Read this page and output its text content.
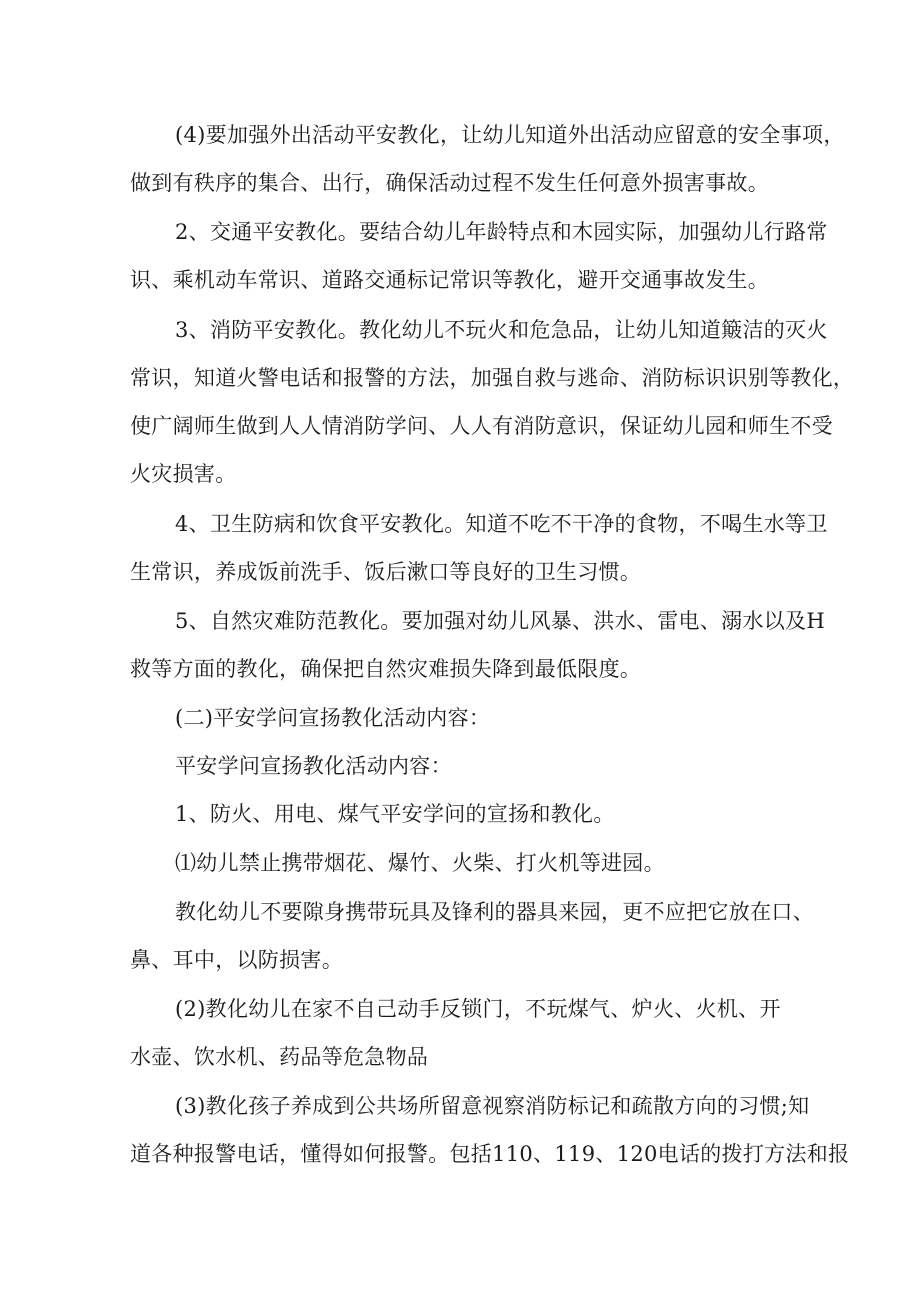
(4)要加强外出活动平安教化，让幼儿知道外出活动应留意的安全事项，
做到有秩序的集合、出行，确保活动过程不发生任何意外损害事故。
2、交通平安教化。要结合幼儿年龄特点和木园实际，加强幼儿行路常
识、乘机动车常识、道路交通标记常识等教化，避开交通事故发生。
3、消防平安教化。教化幼儿不玩火和危急品，让幼儿知道簸洁的灭火
常识，知道火警电话和报警的方法，加强自救与逃命、消防标识识别等教化，
使广阔师生做到人人情消防学问、人人有消防意识，保证幼儿园和师生不受
火灾损害。
4、卫生防病和饮食平安教化。知道不吃不干净的食物，不喝生水等卫
生常识，养成饭前洗手、饭后漱口等良好的卫生习惯。
5、自然灾难防范教化。要加强对幼儿风暴、洪水、雷电、溺水以及H
救等方面的教化，确保把自然灾难损失降到最低限度。
(二)平安学问宣扬教化活动内容：
平安学问宣扬教化活动内容：
1、防火、用电、煤气平安学问的宣扬和教化。
⑴幼儿禁止携带烟花、爆竹、火柴、打火机等进园。
教化幼儿不要隙身携带玩具及锋利的器具来园，更不应把它放在口、
鼻、耳中，以防损害。
(2)教化幼儿在家不自己动手反锁门，不玩煤气、炉火、火机、开
水壶、饮水机、药品等危急物品
(3)教化孩子养成到公共场所留意视察消防标记和疏散方向的习惯;知
道各种报警电话，懂得如何报警。包括110、119、120电话的拨打方法和报
